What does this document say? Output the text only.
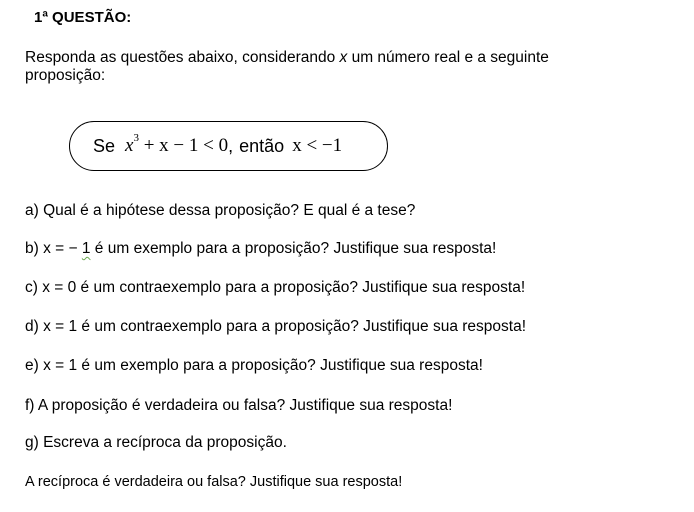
1ª QUESTÃO:
Responda as questões abaixo, considerando x um número real e a seguinte
proposição:
Se $x^3 + x - 1 < 0$ , então x < −1
a) Qual é a hipótese dessa proposição? E qual é a tese?
b) x = − 1 é um exemplo para a proposição? Justifique sua resposta!
c) x = 0 é um contraexemplo para a proposição? Justifique sua resposta!
d) x = 1 é um contraexemplo para a proposição? Justifique sua resposta!
e) x = 1 é um exemplo para a proposição? Justifique sua resposta!
f) A proposição é verdadeira ou falsa? Justifique sua resposta!
g) Escreva a recíproca da proposição.
A recíproca é verdadeira ou falsa? Justifique sua resposta!
